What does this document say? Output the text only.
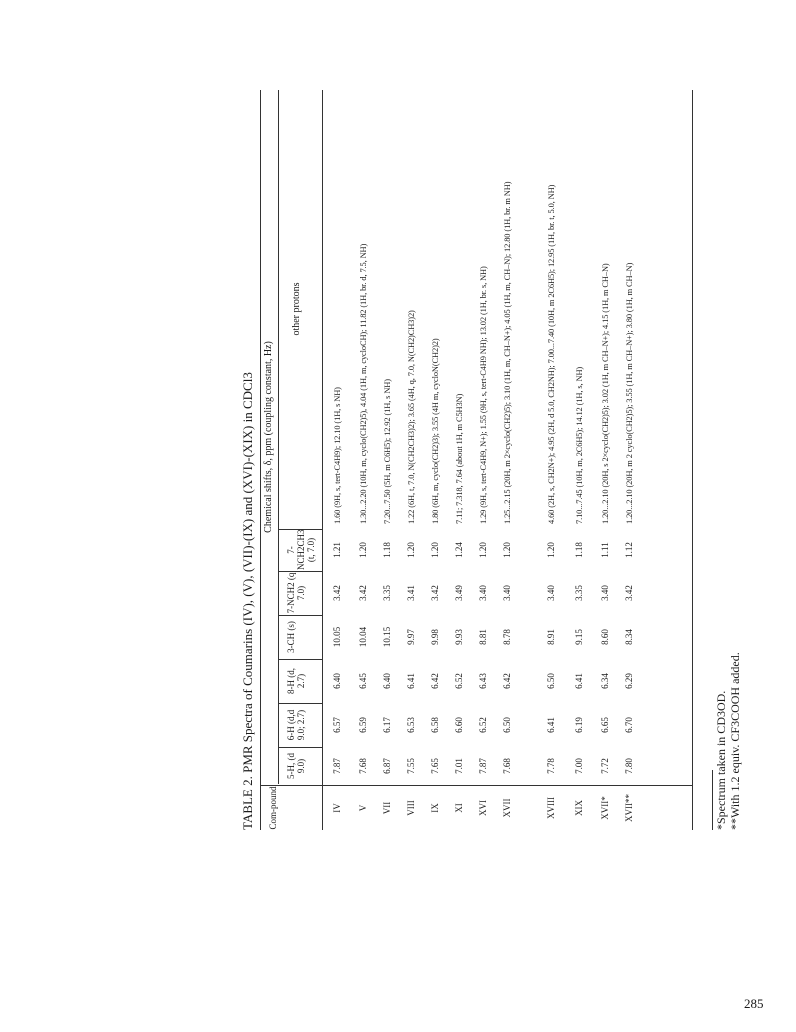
TABLE 2. PMR Spectra of Coumarins (IV), (V), (VII)-(IX) and (XVI)-(XIX) in CDCl3 Com-pound
Chemical shifts, δ, ppm (coupling constant, Hz)
5-H, (d 9.0)
6-H (d,d 9.0; 2.7)
8-H (d, 2.7)
3-CH (s)
7-NCH2 (q 7.0)
7-NCH2CH3 (t, 7.0)
other protons
IV
7.87
6.57
6.40
10.05
3.42
1.21
1.60 (9H, s, tert-C4H9); 12.10 (1H, s NH)
V
7.68
6.59
6.45
10.04
3.42
1.20
1.30...2.20 (10H, m, cyclo(CH2)5), 4.04 (1H, m, cycloCH); 11.82 (1H, br. d, 7.5, NH)
VII
6.87
6.17
6.40
10.15
3.35
1.18
7.20...7.50 (5H, m C6H5); 12.92 (1H, s NH)
VIII
7.55
6.53
6.41
9.97
3.41
1.20
1.22 (6H, t, 7.0, N(CH2CH3)2); 3.65 (4H, q, 7.0, N(CH2)CH3)2)
IX
7.65
6.58
6.42
9.98
3.42
1.20
1.80 (6H, m, cyclo(CH2)3); 3.55 (4H m, cycloN(CH2)2)
XI
7.01
6.60
6.52
9.93
3.49
1.24
7.11; 7.318, 7.64 (about 1H, m C5H3N)
XVI
7.87
6.52
6.43
8.81
3.40
1.20
1.29 (9H, s, tert-C4H9, N+); 1.55 (9H, s, tert-C4H9 NH); 13.02 (1H, br. s, NH)
XVII
7.68
6.50
6.42
8.78
3.40
1.20
1.25...2.15 (20H, m 2×cyclo(CH2)5); 3.10 (1H, m, CH–N+); 4.05 (1H, m, CH–N); 12.80 (1H, br. m NH)
XVIII
7.78
6.41
6.50
8.91
3.40
1.20
4.60 (2H, s, CH2N+); 4.95 (2H, d 5.0, CH2NH); 7.00...7.40 (10H, m 2C6H5); 12.95 (1H, br. t, 5.0, NH)
XIX
7.00
6.19
6.41
9.15
3.35
1.18
7.10...7.45 (10H, m, 2C6H5); 14.12 (1H, s, NH)
XVII*
7.72
6.65
6.34
8.60
3.40
1.11
1.20...2.10 (20H, s 2×cyclo(CH2)5); 3.02 (1H, m CH–N+); 4.15 (1H, m CH–N)
XVII**
7.80
6.70
6.29
8.34
3.42
1.12
1.20...2.10 (20H, m 2 cyclo(CH2)5); 3.55 (1H, m CH–N+); 3.80 (1H, m CH–N)
*Spectrum taken in CD3OD. **With 1.2 equiv. CF3COOH added.
285
